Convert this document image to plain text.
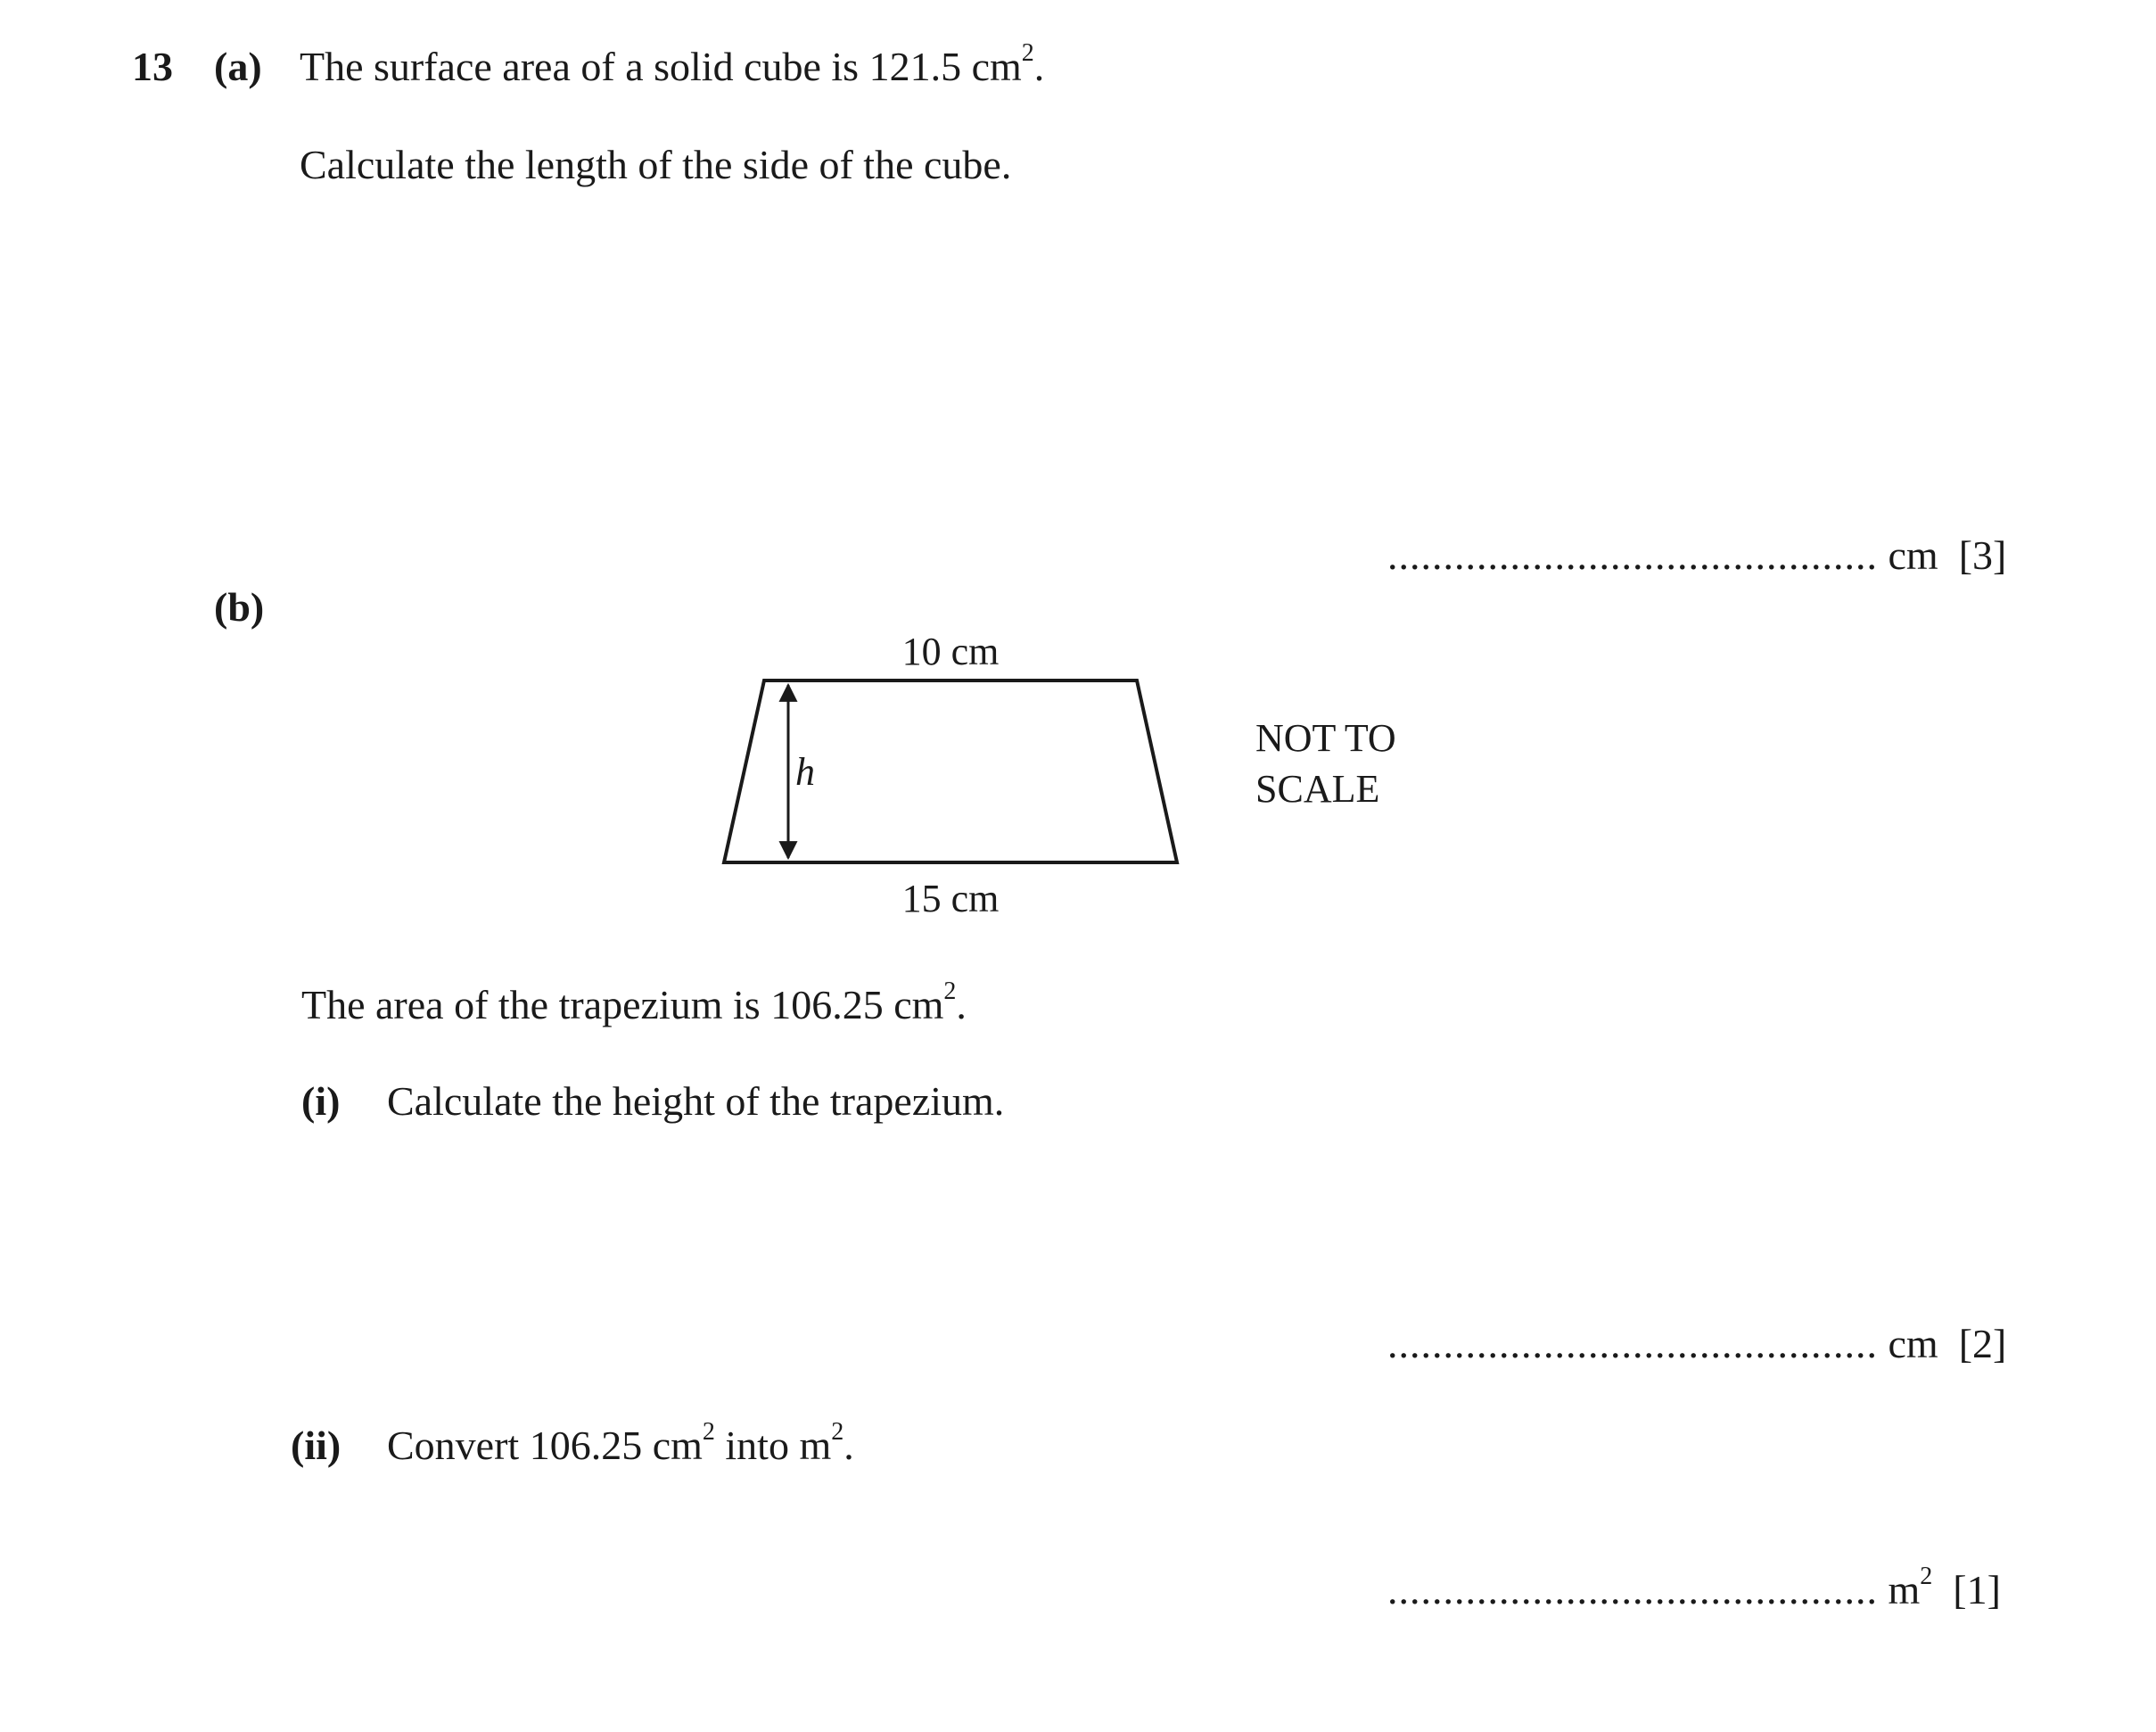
13 (a) The surface area of a solid cube is 121.5 $cm^2$.
Calculate the length of the side of the cube.
............................................ cm [3]
(b)
h
10 cm
15 cm
NOT TO
SCALE
The area of the trapezium is 106.25 $cm^2$.
(i) Calculate the height of the trapezium.
............................................ cm [2]
(ii) Convert 106.25 $cm^2$ into $m^2$.
............................................ $m^2$ [1]
